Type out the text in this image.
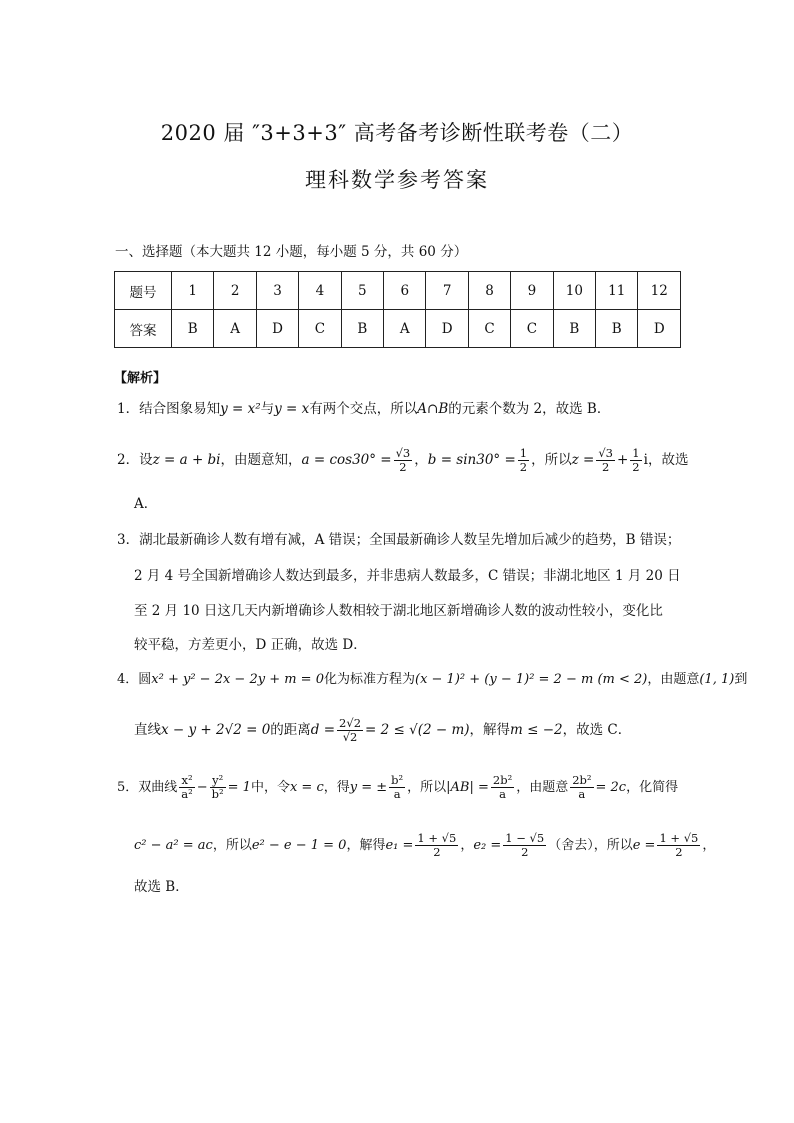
2020 届 ″3+3+3″ 高考备考诊断性联考卷（二）
理科数学参考答案
一、选择题（本大题共 12 小题，每小题 5 分，共 60 分）
题号	1	2	3	4	5	6	7	8	9	10	11	12
答案	B	A	D	C	B	A	D	C	C	B	B	D
【解析】
1．结合图象易知y = x²与y = x有两个交点，所以A∩B的元素个数为 2，故选 B．
2．设z = a + bi，由题意知，$a = \cos 30^\circ = \frac{√3}{2}$ ，$b = \sin 30^\circ = \frac{1}{2}$ ，所以$z = \frac{√3}{2} + \frac{1}{2}$ i，故选
A．
3．湖北最新确诊人数有增有减，A 错误；全国最新确诊人数呈先增加后减少的趋势，B 错误；
2 月 4 号全国新增确诊人数达到最多，并非患病人数最多，C 错误；非湖北地区 1 月 20 日
至 2 月 10 日这几天内新增确诊人数相较于湖北地区新增确诊人数的波动性较小，变化比
较平稳，方差更小，D 正确，故选 D．
4．圆x² + y² − 2x − 2y + m = 0化为标准方程为(x − 1)² + (y − 1)² = 2 − m (m < 2)，由题意(1, 1)到
直线x − y + 2√2 = 0的距离$d = \frac{2√2}{√2} = 2 \le √(2 - m)$，解得m ≤ −2，故选 C．
5．双曲线 $\frac{\text{x²}}{\text{a²}} - \frac{\text{y²}}{\text{b²}} = 1$中，令x = c，得y = ± $\frac{\text{b²}}{a}$ ，所以$|AB| = \frac{\text{2b²}}{a}$ ，由题意 $\frac{\text{2b²}}{a} = 2c$，化简得
c² − a² = ac，所以e² − e − 1 = 0，解得$e_1 = \frac{1 + √5}{2}$ ，$e_2 = \frac{1 - √5}{2}$ （舍去），所以$e = \frac{1 + √5}{2}$ ，
故选 B．
